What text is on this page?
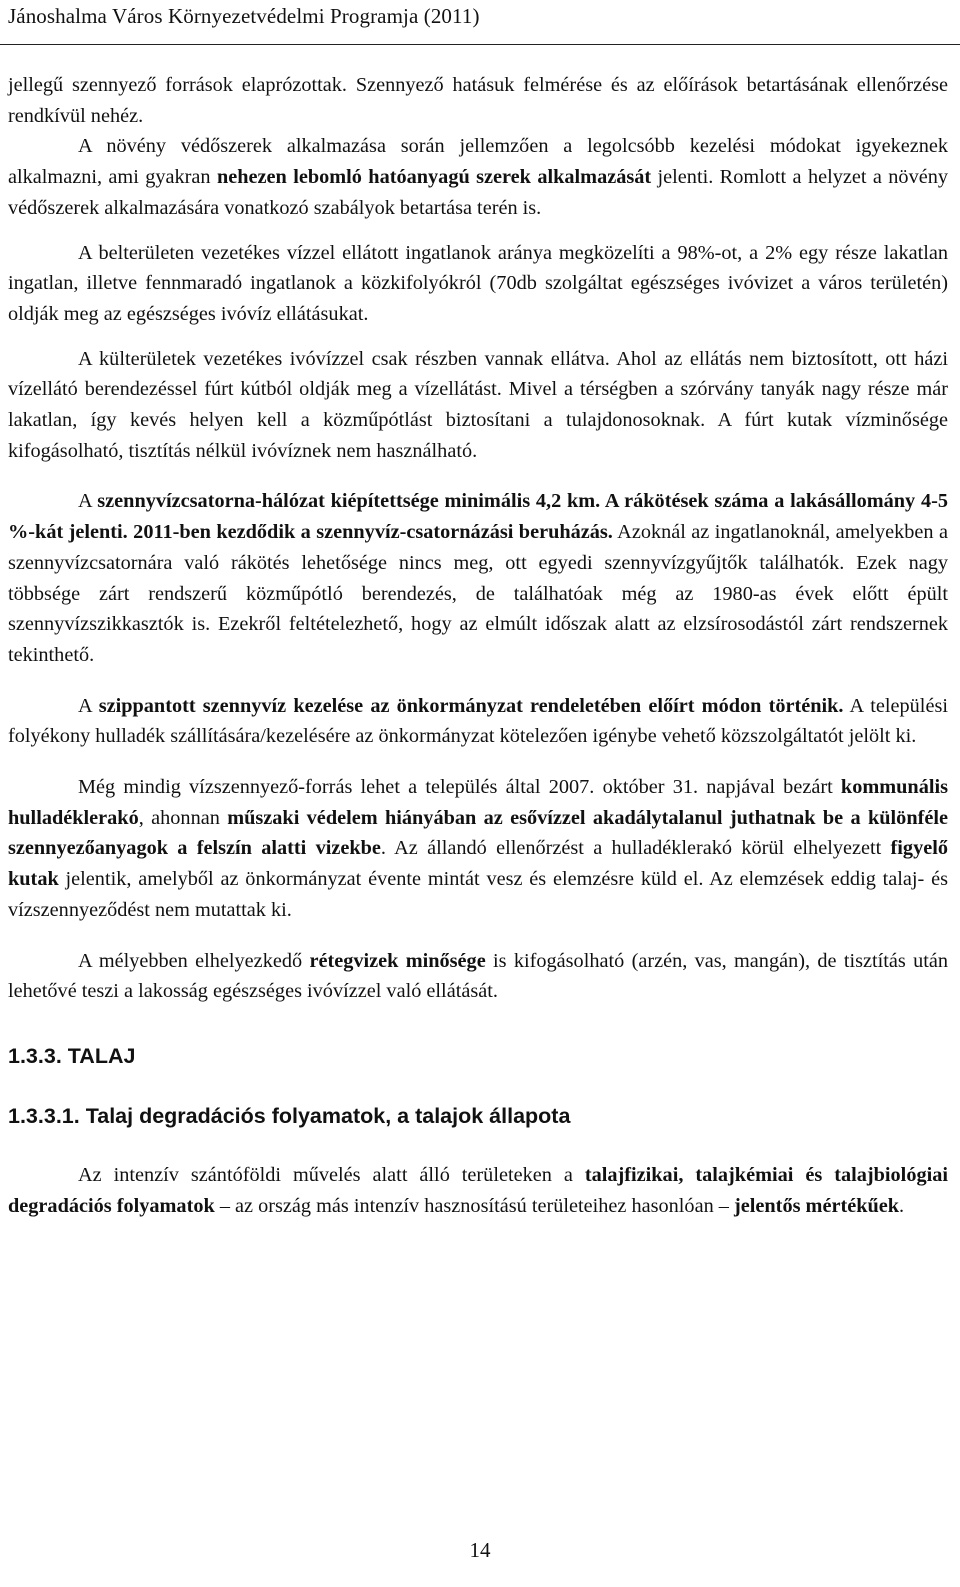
Jánoshalma Város Környezetvédelmi Programja (2011)

jellegű szennyező források elaprózottak. Szennyező hatásuk felmérése és az előírások betartásának ellenőrzése rendkívül nehéz.

A növény védőszerek alkalmazása során jellemzően a legolcsóbb kezelési módokat igyekeznek alkalmazni, ami gyakran nehezen lebomló hatóanyagú szerek alkalmazását jelenti. Romlott a helyzet a növény védőszerek alkalmazására vonatkozó szabályok betartása terén is.

A belterületen vezetékes vízzel ellátott ingatlanok aránya megközelíti a 98%-ot, a 2% egy része lakatlan ingatlan, illetve fennmaradó ingatlanok a közkifolyókról (70db szolgáltat egészséges ivóvizet a város területén) oldják meg az egészséges ivóvíz ellátásukat.

A külterületek vezetékes ivóvízzel csak részben vannak ellátva. Ahol az ellátás nem biztosított, ott házi vízellátó berendezéssel fúrt kútból oldják meg a vízellátást. Mivel a térségben a szórvány tanyák nagy része már lakatlan, így kevés helyen kell a közműpótlást biztosítani a tulajdonosoknak. A fúrt kutak vízminősége kifogásolható, tisztítás nélkül ivóvíznek nem használható.

A szennyvízcsatorna-hálózat kiépítettsége minimális 4,2 km. A rákötések száma a lakásállomány 4-5 %-kát jelenti. 2011-ben kezdődik a szennyvíz-csatornázási beruházás. Azoknál az ingatlanoknál, amelyekben a szennyvízcsatornára való rákötés lehetősége nincs meg, ott egyedi szennyvízgyűjtők találhatók. Ezek nagy többsége zárt rendszerű közműpótló berendezés, de találhatóak még az 1980-as évek előtt épült szennyvízszikkasztók is. Ezekről feltételezhető, hogy az elmúlt időszak alatt az elzsírosodástól zárt rendszernek tekinthető.

A szippantott szennyvíz kezelése az önkormányzat rendeletében előírt módon történik. A települési folyékony hulladék szállítására/kezelésére az önkormányzat kötelezően igénybe vehető közszolgáltatót jelölt ki.

Még mindig vízszennyező-forrás lehet a település által 2007. október 31. napjával bezárt kommunális hulladéklerakó, ahonnan műszaki védelem hiányában az esővízzel akadálytalanul juthatnak be a különféle szennyezőanyagok a felszín alatti vizekbe. Az állandó ellenőrzést a hulladéklerakó körül elhelyezett figyelő kutak jelentik, amelyből az önkormányzat évente mintát vesz és elemzésre küld el. Az elemzések eddig talaj- és vízszennyeződést nem mutattak ki.

A mélyebben elhelyezkedő rétegvizek minősége is kifogásolható (arzén, vas, mangán), de tisztítás után lehetővé teszi a lakosság egészséges ivóvízzel való ellátását.

1.3.3. TALAJ
1.3.3.1. Talaj degradációs folyamatok, a talajok állapota

Az intenzív szántóföldi művelés alatt álló területeken a talajfizikai, talajkémiai és talajbiológiai degradációs folyamatok – az ország más intenzív hasznosítású területeihez hasonlóan – jelentős mértékűek.

14
